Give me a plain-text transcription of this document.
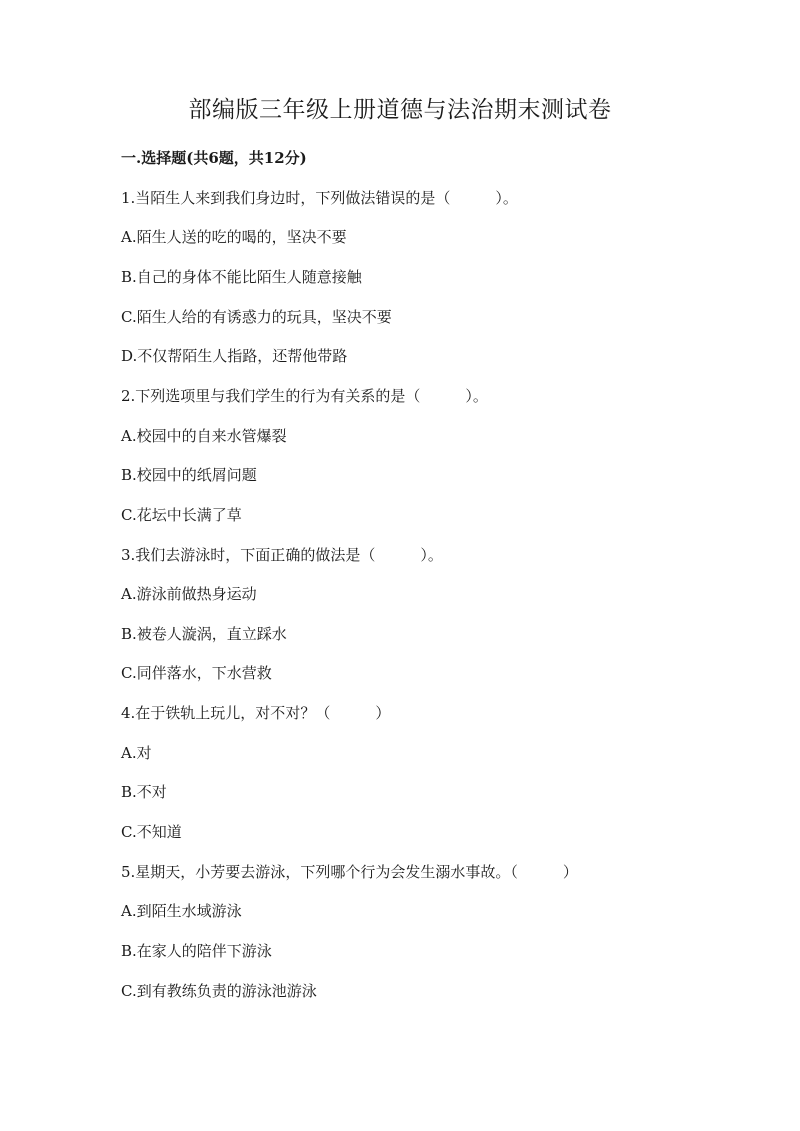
部编版三年级上册道德与法治期末测试卷
一.选择题(共6题，共12分)
1.当陌生人来到我们身边时，下列做法错误的是（　　　）。
A.陌生人送的吃的喝的，坚决不要
B.自己的身体不能比陌生人随意接触
C.陌生人给的有诱惑力的玩具，坚决不要
D.不仅帮陌生人指路，还帮他带路
2.下列选项里与我们学生的行为有关系的是（　　　）。
A.校园中的自来水管爆裂
B.校园中的纸屑问题
C.花坛中长满了草
3.我们去游泳时，下面正确的做法是（　　　）。
A.游泳前做热身运动
B.被卷人漩涡，直立踩水
C.同伴落水，下水营救
4.在于铁轨上玩儿，对不对？（　　　）
A.对
B.不对
C.不知道
5.星期天，小芳要去游泳，下列哪个行为会发生溺水事故。（　　　）
A.到陌生水域游泳
B.在家人的陪伴下游泳
C.到有教练负责的游泳池游泳
